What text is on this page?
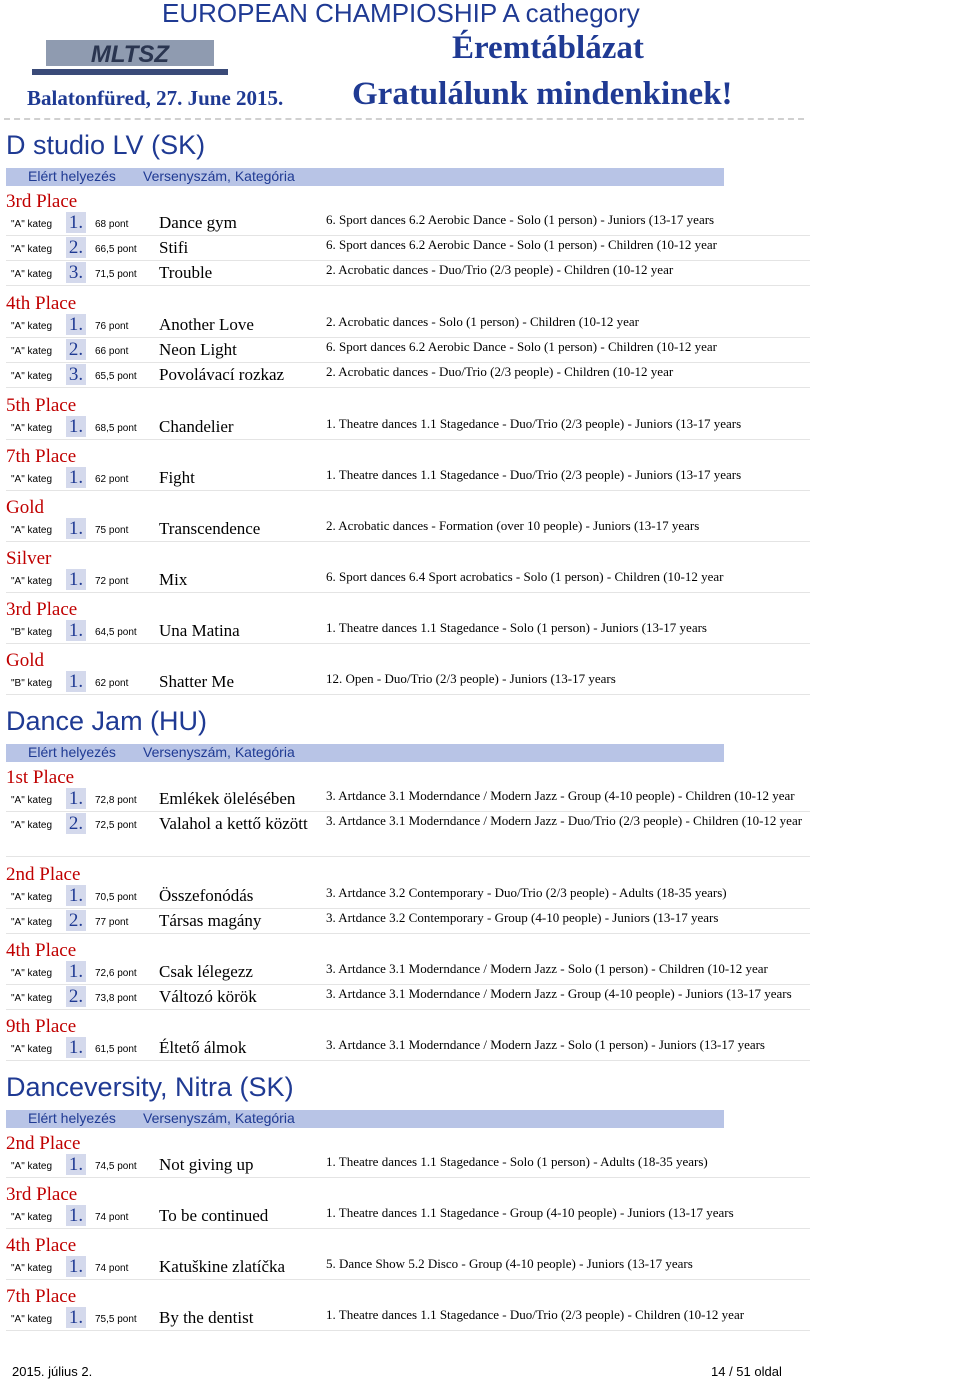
EUROPEAN CHAMPIOSHIP A cathegory
Éremtáblázat
Gratulálunk mindenkinek!
Balatonfüred, 27. June 2015.
MLTSZ
D studio LV (SK)
Elért helyezés Versenyszám, Kategória
3rd Place
"A" kateg 1. 68 pont Dance gym	6. Sport dances 6.2 Aerobic Dance - Solo (1 person) - Juniors (13-17 years
"A" kateg 2. 66,5 pont Stifi	6. Sport dances 6.2 Aerobic Dance - Solo (1 person) - Children (10-12 year
"A" kateg 3. 71,5 pont Trouble	2. Acrobatic dances - Duo/Trio (2/3 people) - Children (10-12 year
4th Place
"A" kateg 1. 76 pont Another Love	2. Acrobatic dances - Solo (1 person) - Children (10-12 year
"A" kateg 2. 66 pont Neon Light	6. Sport dances 6.2 Aerobic Dance - Solo (1 person) - Children (10-12 year
"A" kateg 3. 65,5 pont Povolávací rozkaz	2. Acrobatic dances - Duo/Trio (2/3 people) - Children (10-12 year
5th Place
"A" kateg 1. 68,5 pont Chandelier	1. Theatre dances 1.1 Stagedance - Duo/Trio (2/3 people) - Juniors (13-17 years
7th Place
"A" kateg 1. 62 pont Fight	1. Theatre dances 1.1 Stagedance - Duo/Trio (2/3 people) - Juniors (13-17 years
Gold
"A" kateg 1. 75 pont Transcendence	2. Acrobatic dances - Formation (over 10 people) - Juniors (13-17 years
Silver
"A" kateg 1. 72 pont Mix	6. Sport dances 6.4 Sport acrobatics - Solo (1 person) - Children (10-12 year
3rd Place
"B" kateg 1. 64,5 pont Una Matina	1. Theatre dances 1.1 Stagedance - Solo (1 person) - Juniors (13-17 years
Gold
"B" kateg 1. 62 pont Shatter Me	12. Open - Duo/Trio (2/3 people) - Juniors (13-17 years
Dance Jam (HU)
Elért helyezés Versenyszám, Kategória
1st Place
"A" kateg 1. 72,8 pont Emlékek ölelésében	3. Artdance 3.1 Moderndance / Modern Jazz - Group (4-10 people) - Children (10-12 year
"A" kateg 2. 72,5 pont Valahol a kettő között 3. Artdance 3.1 Moderndance / Modern Jazz - Duo/Trio (2/3 people) - Children (10-12 year
2nd Place
"A" kateg 1. 70,5 pont Összefonódás	3. Artdance 3.2 Contemporary - Duo/Trio (2/3 people) - Adults (18-35 years)
"A" kateg 2. 77 pont Társas magány	3. Artdance 3.2 Contemporary - Group (4-10 people) - Juniors (13-17 years
4th Place
"A" kateg 1. 72,6 pont Csak lélegezz	3. Artdance 3.1 Moderndance / Modern Jazz - Solo (1 person) - Children (10-12 year
"A" kateg 2. 73,8 pont Változó körök	3. Artdance 3.1 Moderndance / Modern Jazz - Group (4-10 people) - Juniors (13-17 years
9th Place
"A" kateg 1. 61,5 pont Éltető álmok	3. Artdance 3.1 Moderndance / Modern Jazz - Solo (1 person) - Juniors (13-17 years
Danceversity, Nitra (SK)
Elért helyezés Versenyszám, Kategória
2nd Place
"A" kateg 1. 74,5 pont Not giving up	1. Theatre dances 1.1 Stagedance - Solo (1 person) - Adults (18-35 years)
3rd Place
"A" kateg 1. 74 pont To be continued	1. Theatre dances 1.1 Stagedance - Group (4-10 people) - Juniors (13-17 years
4th Place
"A" kateg 1. 74 pont Katuškine zlatíčka	5. Dance Show 5.2 Disco - Group (4-10 people) - Juniors (13-17 years
7th Place
"A" kateg 1. 75,5 pont By the dentist	1. Theatre dances 1.1 Stagedance - Duo/Trio (2/3 people) - Children (10-12 year
2015. július 2.	14 / 51 oldal
